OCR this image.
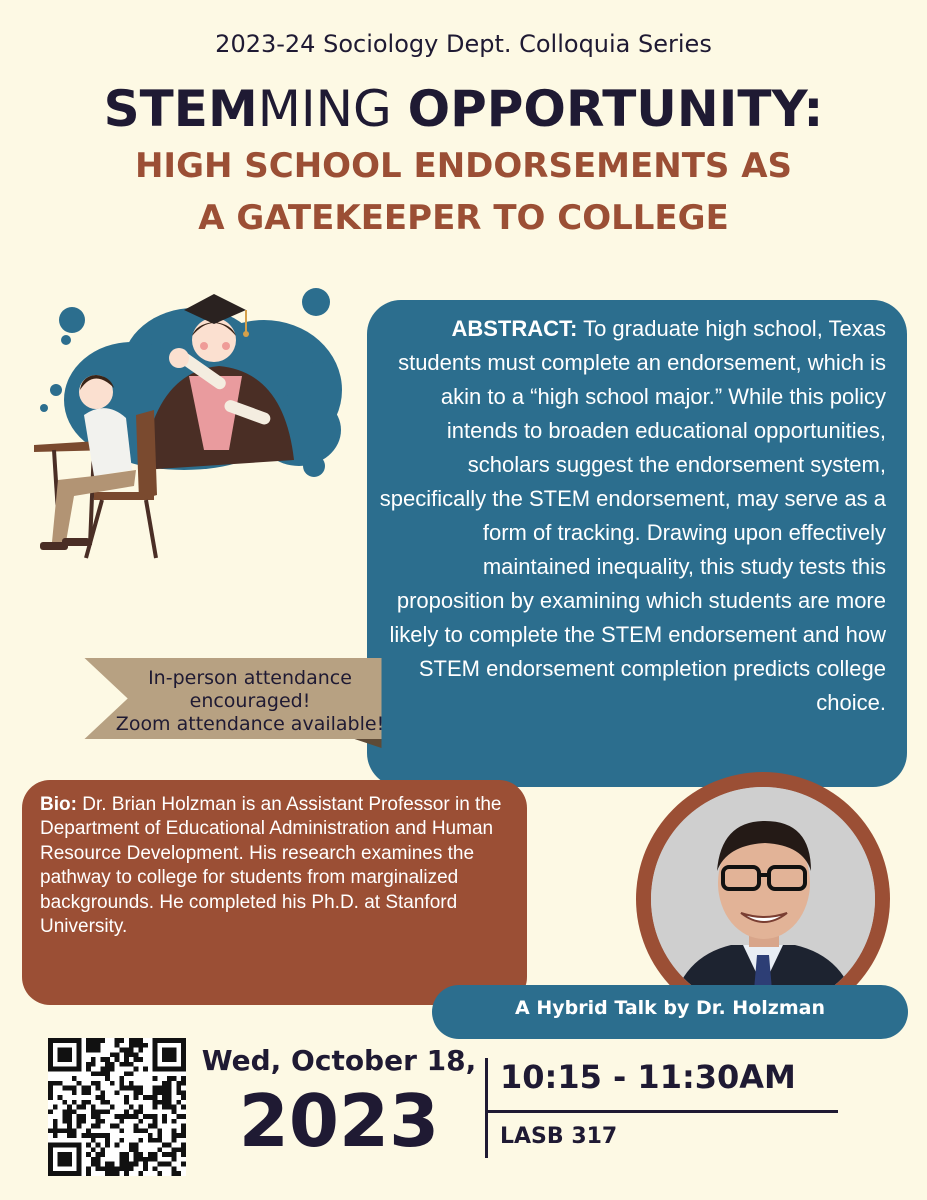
2023-24 Sociology Dept. Colloquia Series
STEMMING OPPORTUNITY:
HIGH SCHOOL ENDORSEMENTS AS
A GATEKEEPER TO COLLEGE
ABSTRACT: To graduate high school, Texas students must complete an endorsement, which is akin to a “high school major.” While this policy intends to broaden educational opportunities, scholars suggest the endorsement system, specifically the STEM endorsement, may serve as a form of tracking. Drawing upon effectively maintained inequality, this study tests this proposition by examining which students are more likely to complete the STEM endorsement and how STEM endorsement completion predicts college choice.
In-person attendance
encouraged!
Zoom attendance available!
Bio: Dr. Brian Holzman is an Assistant Professor in the Department of Educational Administration and Human Resource Development. His research examines the pathway to college for students from marginalized backgrounds. He completed his Ph.D. at Stanford University.
A Hybrid Talk by Dr. Holzman
Wed, October 18,
2023
10:15 - 11:30AM
LASB 317
